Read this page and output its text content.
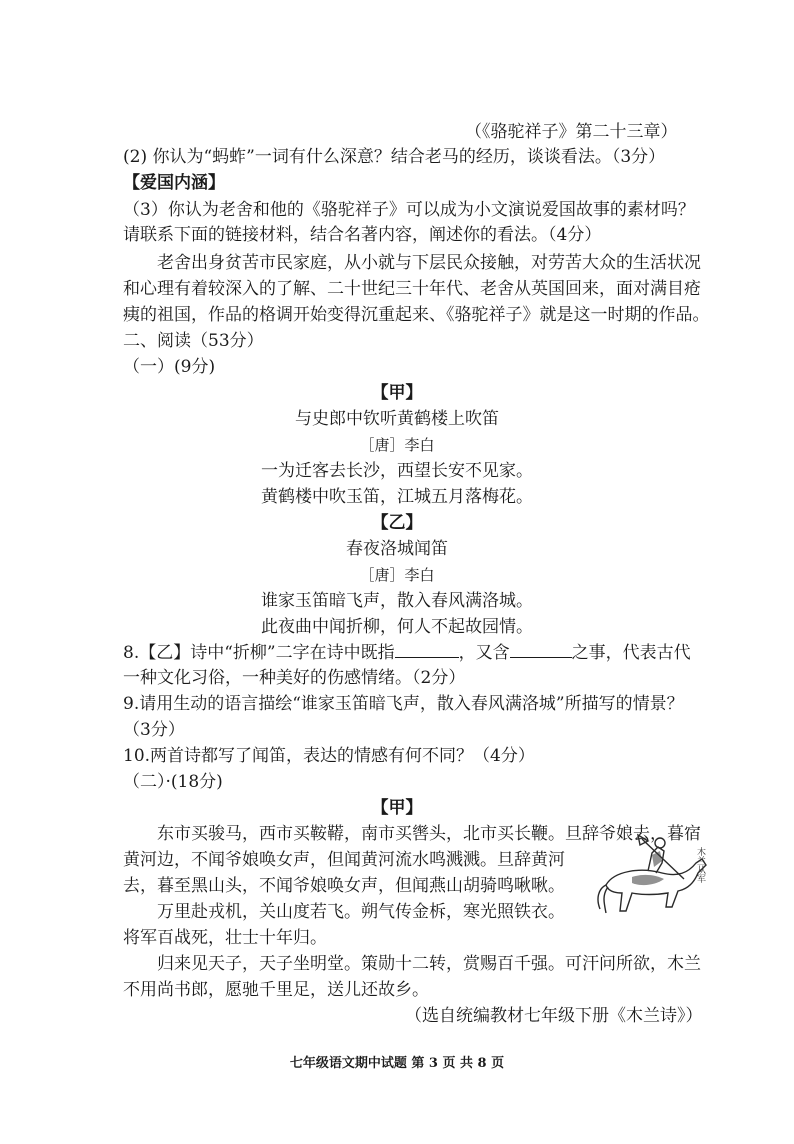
（《骆驼祥子》第二十三章）
(2) 你认为“蚂蚱”一词有什么深意？结合老马的经历，谈谈看法。（3分）
【爱国内涵】
（3）你认为老舍和他的《骆驼祥子》可以成为小文演说爱国故事的素材吗？
请联系下面的链接材料，结合名著内容，阐述你的看法。（4分）
老舍出身贫苦市民家庭，从小就与下层民众接触，对劳苦大众的生活状况
和心理有着较深入的了解、二十世纪三十年代、老舍从英国回来，面对满目疮
痍的祖国，作品的格调开始变得沉重起来、《骆驼祥子》就是这一时期的作品。
二、阅读（53分）
（一）(9分)
【甲】
与史郎中钦听黄鹤楼上吹笛
［唐］李白
一为迁客去长沙，西望长安不见家。
黄鹤楼中吹玉笛，江城五月落梅花。
【乙】
春夜洛城闻笛
［唐］李白
谁家玉笛暗飞声，散入春风满洛城。
此夜曲中闻折柳，何人不起故园情。
8.【乙】诗中“折柳”二字在诗中既指	，又含	之事，代表古代
一种文化习俗，一种美好的伤感情绪。（2分）
9.请用生动的语言描绘“谁家玉笛暗飞声，散入春风满洛城”所描写的情景？
（3分）
10.两首诗都写了闻笛，表达的情感有何不同？（4分）
（二）·(18分)
【甲】
东市买骏马，西市买鞍鞯，南市买辔头，北市买长鞭。旦辞爷娘去，暮宿
黄河边，不闻爷娘唤女声，但闻黄河流水鸣溅溅。旦辞黄河
去，暮至黑山头，不闻爷娘唤女声，但闻燕山胡骑鸣啾啾。
万里赴戎机，关山度若飞。朔气传金柝，寒光照铁衣。
将军百战死，壮士十年归。
归来见天子，天子坐明堂。策勋十二转，赏赐百千强。可汗问所欲，木兰
不用尚书郎，愿驰千里足，送儿还故乡。
（选自统编教材七年级下册《木兰诗》）
木兰从军
七年级语文期中试题 第 3 页 共 8 页
